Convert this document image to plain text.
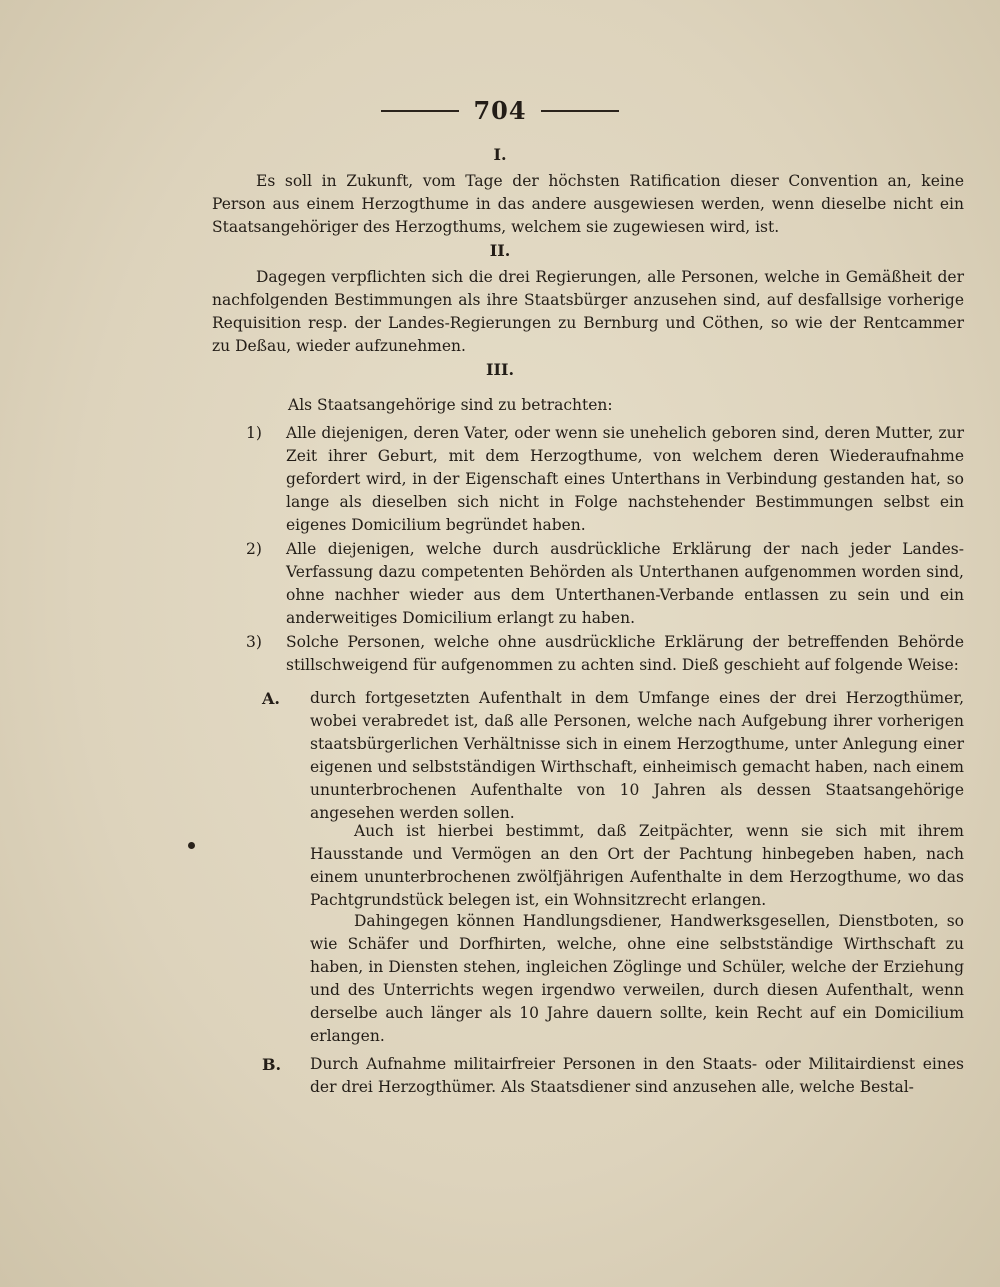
704
I.

Es soll in Zukunft, vom Tage der höchsten Ratification dieser Convention an, keine Person aus einem Herzogthume in das andere ausgewiesen werden, wenn dieselbe nicht ein Staatsangehöriger des Herzogthums, welchem sie zugewiesen wird, ist.

II.

Dagegen verpflichten sich die drei Regierungen, alle Personen, welche in Gemäßheit der nachfolgenden Bestimmungen als ihre Staatsbürger anzusehen sind, auf desfallsige vorherige Requisition resp. der Landes-Regierungen zu Bernburg und Cöthen, so wie der Rentcammer zu Deßau, wieder aufzunehmen.

III.

Als Staatsangehörige sind zu betrachten:

1) Alle diejenigen, deren Vater, oder wenn sie unehelich geboren sind, deren Mutter, zur Zeit ihrer Geburt, mit dem Herzogthume, von welchem deren Wiederaufnahme gefordert wird, in der Eigenschaft eines Unterthans in Verbindung gestanden hat, so lange als dieselben sich nicht in Folge nachstehender Bestimmungen selbst ein eigenes Domicilium begründet haben.

2) Alle diejenigen, welche durch ausdrückliche Erklärung der nach jeder Landes-Verfassung dazu competenten Behörden als Unterthanen aufgenommen worden sind, ohne nachher wieder aus dem Unterthanen-Verbande entlassen zu sein und ein anderweitiges Domicilium erlangt zu haben.

3) Solche Personen, welche ohne ausdrückliche Erklärung der betreffenden Behörde stillschweigend für aufgenommen zu achten sind. Dieß geschieht auf folgende Weise:

A. durch fortgesetzten Aufenthalt in dem Umfange eines der drei Herzogthümer, wobei verabredet ist, daß alle Personen, welche nach Aufgebung ihrer vorherigen staatsbürgerlichen Verhältnisse sich in einem Herzogthume, unter Anlegung einer eigenen und selbstständigen Wirthschaft, einheimisch gemacht haben, nach einem ununterbrochenen Aufenthalte von 10 Jahren als dessen Staatsangehörige angesehen werden sollen.

Auch ist hierbei bestimmt, daß Zeitpächter, wenn sie sich mit ihrem Hausstande und Vermögen an den Ort der Pachtung hinbegeben haben, nach einem ununterbrochenen zwölfjährigen Aufenthalte in dem Herzogthume, wo das Pachtgrundstück belegen ist, ein Wohnsitzrecht erlangen.

Dahingegen können Handlungsdiener, Handwerksgesellen, Dienstboten, so wie Schäfer und Dorfhirten, welche, ohne eine selbstständige Wirthschaft zu haben, in Diensten stehen, ingleichen Zöglinge und Schüler, welche der Erziehung und des Unterrichts wegen irgendwo verweilen, durch diesen Aufenthalt, wenn derselbe auch länger als 10 Jahre dauern sollte, kein Recht auf ein Domicilium erlangen.

B. Durch Aufnahme militairfreier Personen in den Staats- oder Militairdienst eines der drei Herzogthümer. Als Staatsdiener sind anzusehen alle, welche Bestal-
